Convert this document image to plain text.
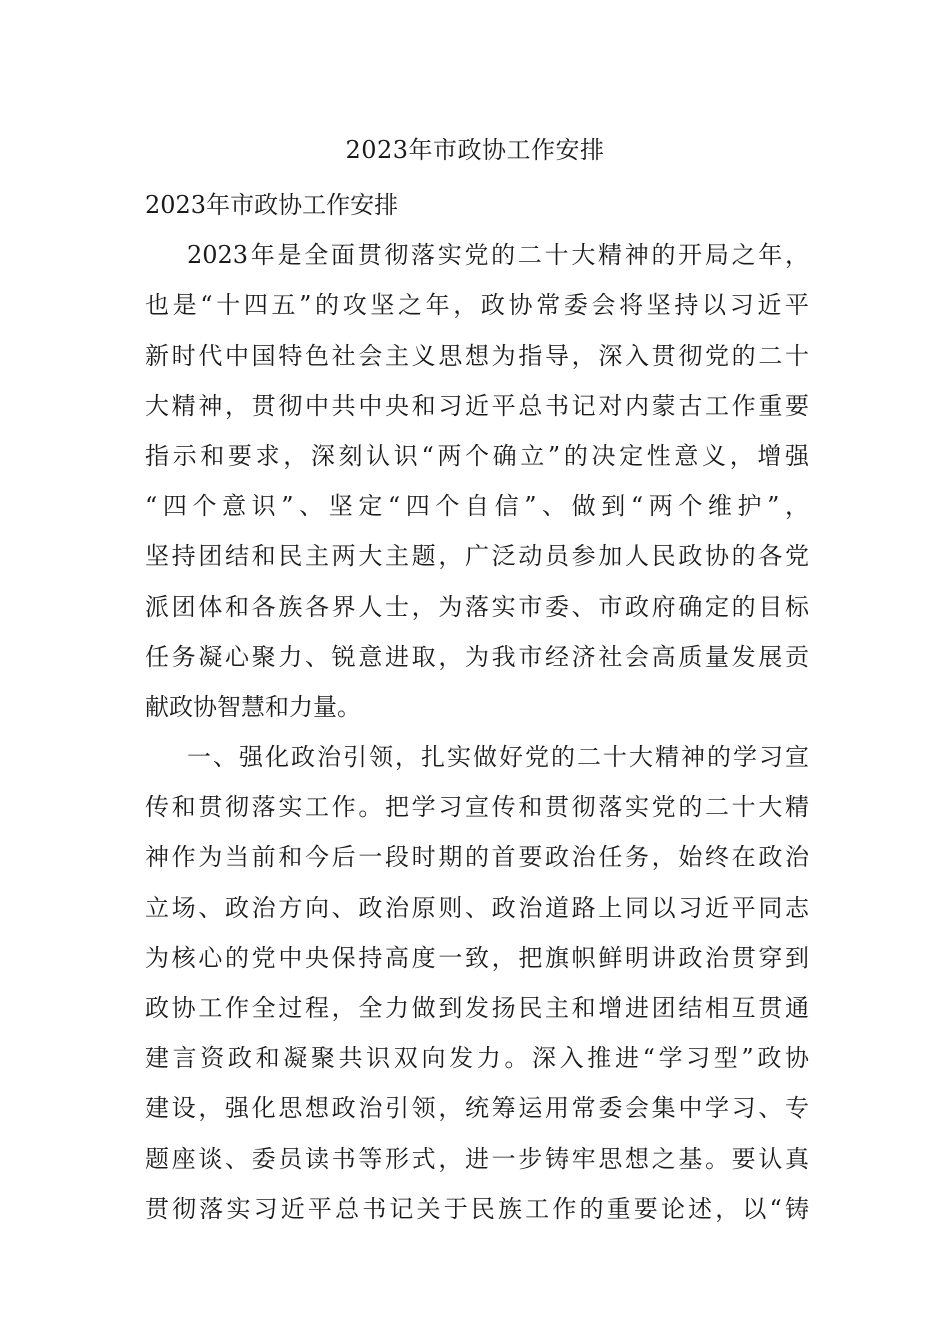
2023年市政协工作安排
2023年市政协工作安排
2023年是全面贯彻落实党的二十大精神的开局之年，
也是“十四五”的攻坚之年，政协常委会将坚持以习近平
新时代中国特色社会主义思想为指导，深入贯彻党的二十
大精神，贯彻中共中央和习近平总书记对内蒙古工作重要
指示和要求，深刻认识“两个确立”的决定性意义，增强
“四个意识”、坚定“四个自信”、做到“两个维护”，
坚持团结和民主两大主题，广泛动员参加人民政协的各党
派团体和各族各界人士，为落实市委、市政府确定的目标
任务凝心聚力、锐意进取，为我市经济社会高质量发展贡
献政协智慧和力量。
一、强化政治引领，扎实做好党的二十大精神的学习宣
传和贯彻落实工作。把学习宣传和贯彻落实党的二十大精
神作为当前和今后一段时期的首要政治任务，始终在政治
立场、政治方向、政治原则、政治道路上同以习近平同志
为核心的党中央保持高度一致，把旗帜鲜明讲政治贯穿到
政协工作全过程，全力做到发扬民主和增进团结相互贯通
建言资政和凝聚共识双向发力。深入推进“学习型”政协
建设，强化思想政治引领，统筹运用常委会集中学习、专
题座谈、委员读书等形式，进一步铸牢思想之基。要认真
贯彻落实习近平总书记关于民族工作的重要论述，以“铸
